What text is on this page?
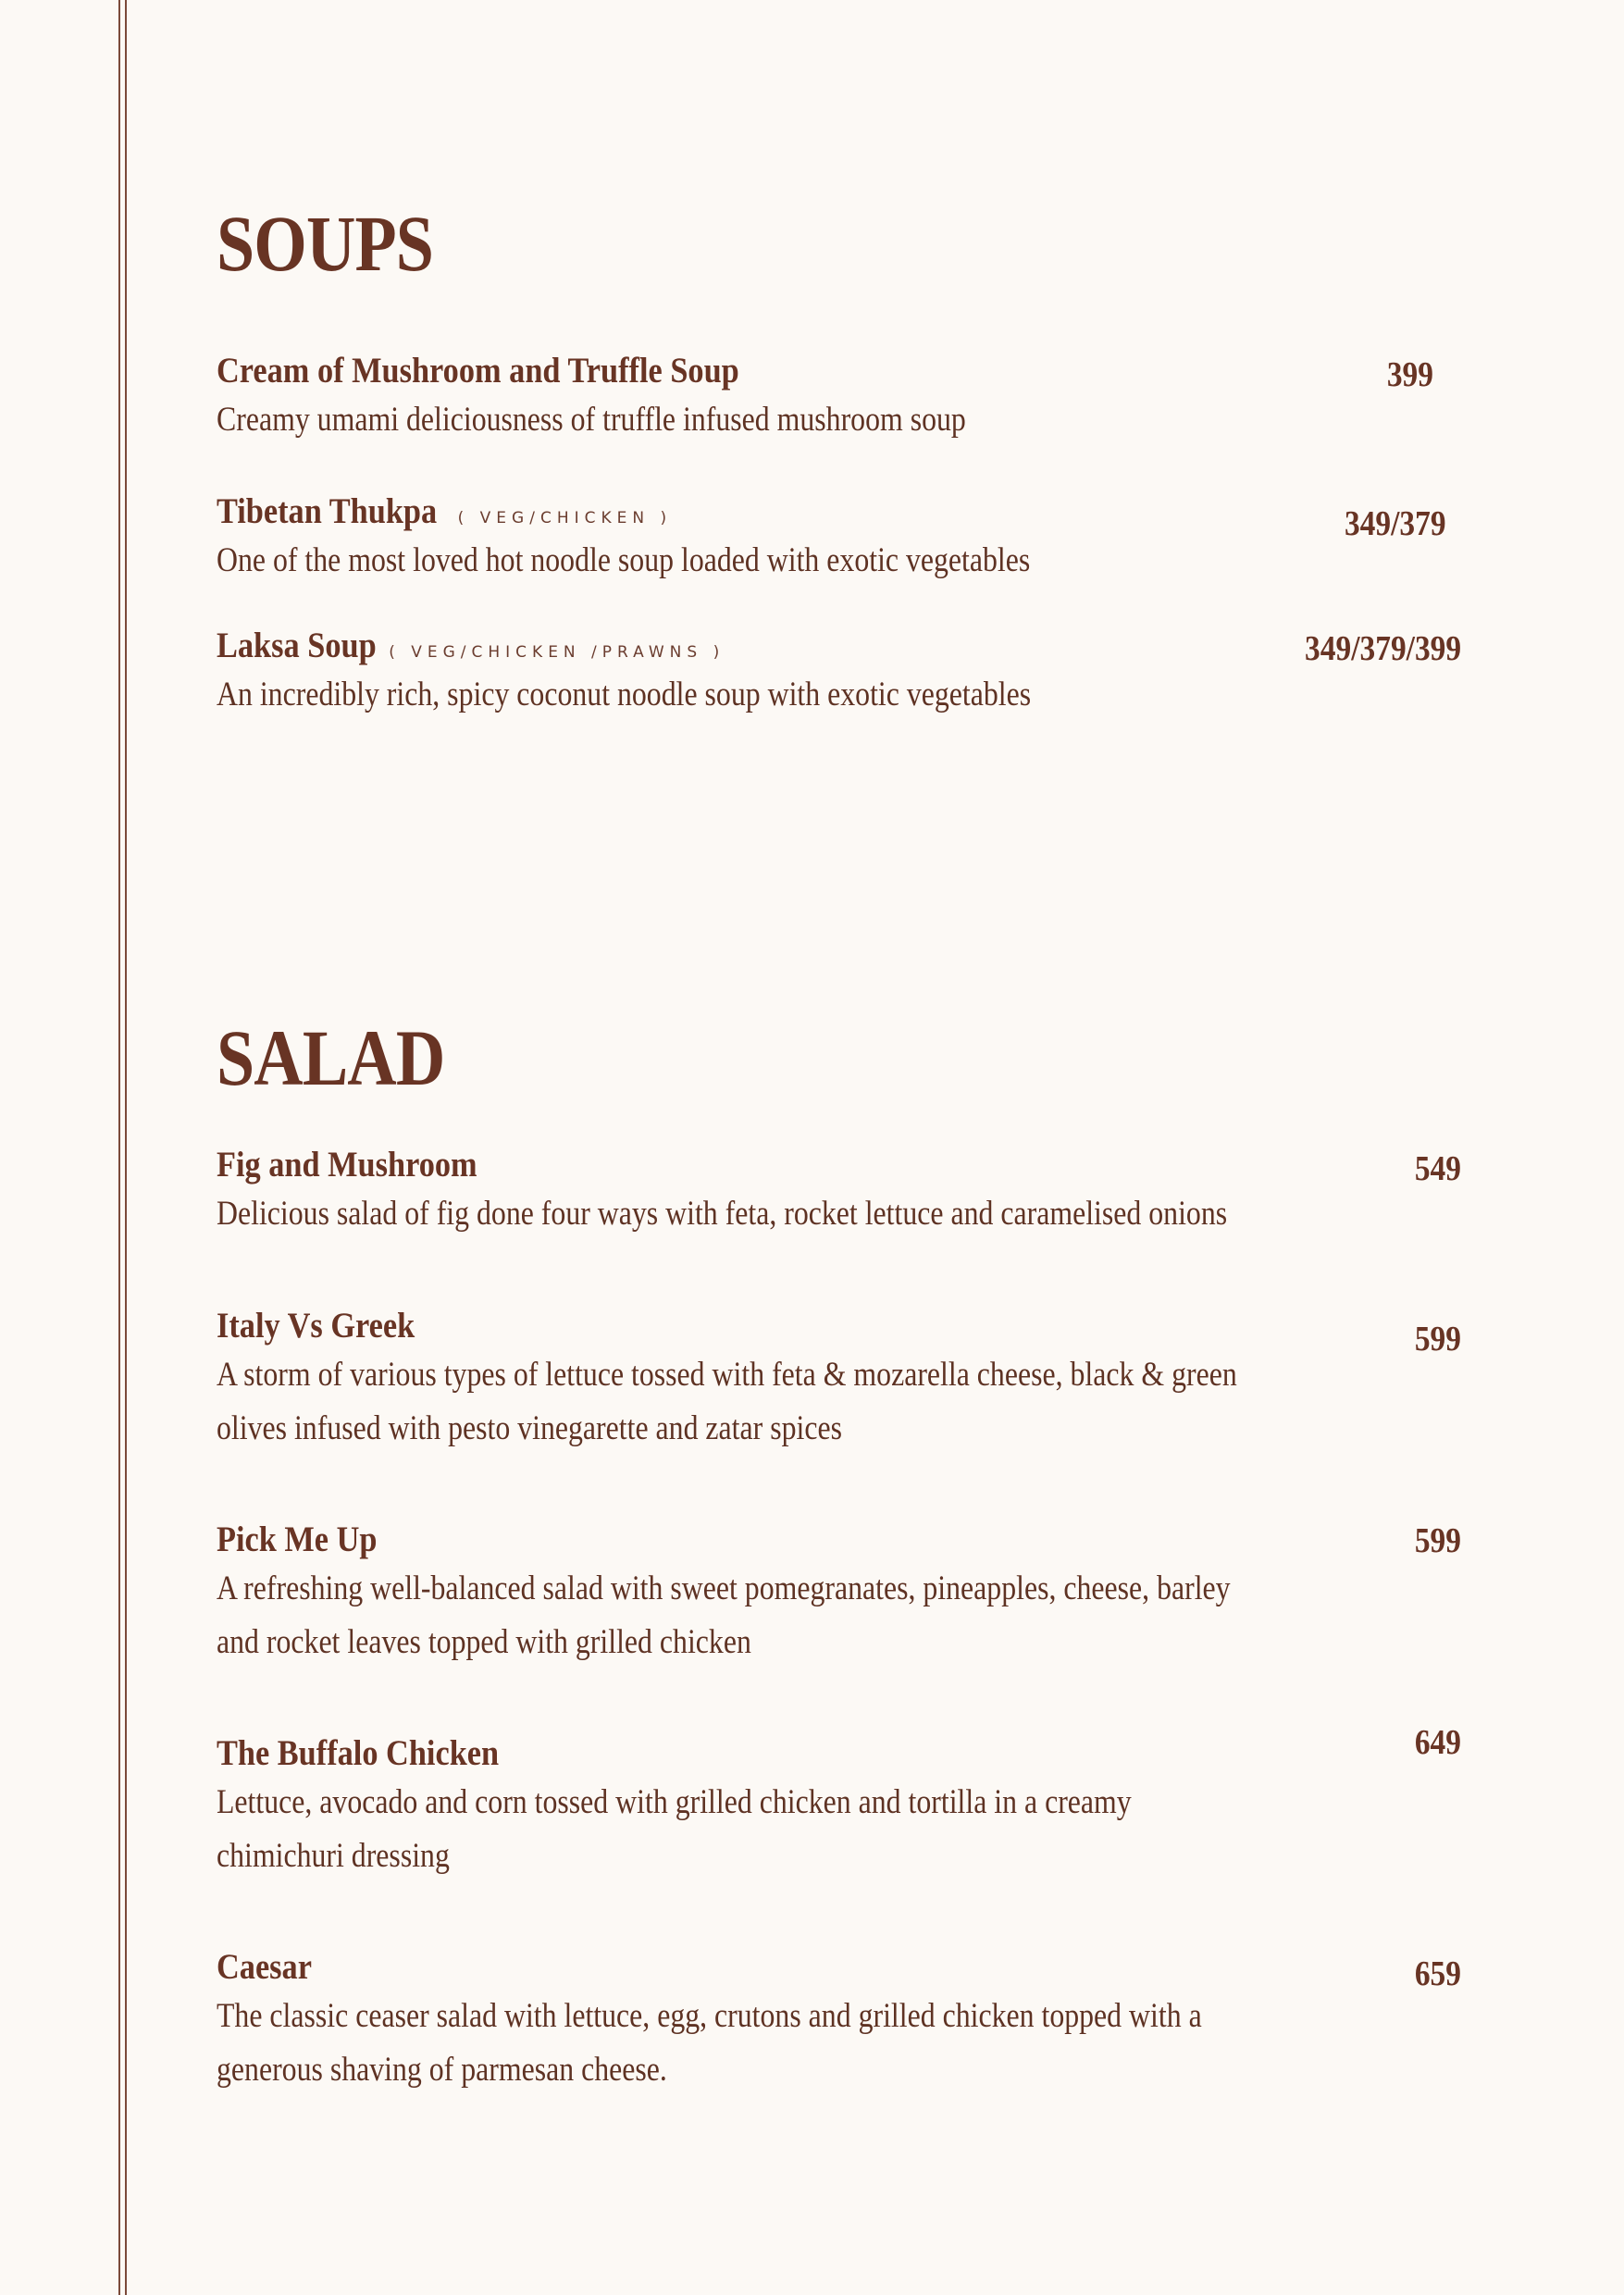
SOUPS
Cream of Mushroom and Truffle Soup
Creamy umami deliciousness of truffle infused mushroom soup
399
Tibetan Thukpa ( VEG/CHICKEN )
One of the most loved hot noodle soup loaded with exotic vegetables
349/379
Laksa Soup ( VEG/CHICKEN /PRAWNS )
An incredibly rich, spicy coconut noodle soup with exotic vegetables
349/379/399
SALAD
Fig and Mushroom
Delicious salad of fig done four ways with feta, rocket lettuce and caramelised onions
549
Italy Vs Greek
A storm of various types of lettuce tossed with feta & mozarella cheese, black & green
olives infused with pesto vinegarette and zatar spices
599
Pick Me Up
A refreshing well-balanced salad with sweet pomegranates, pineapples, cheese, barley
and rocket leaves topped with grilled chicken
599
The Buffalo Chicken
Lettuce, avocado and corn tossed with grilled chicken and tortilla in a creamy
chimichuri dressing
649
Caesar
The classic ceaser salad with lettuce, egg, crutons and grilled chicken topped with a
generous shaving of parmesan cheese.
659
